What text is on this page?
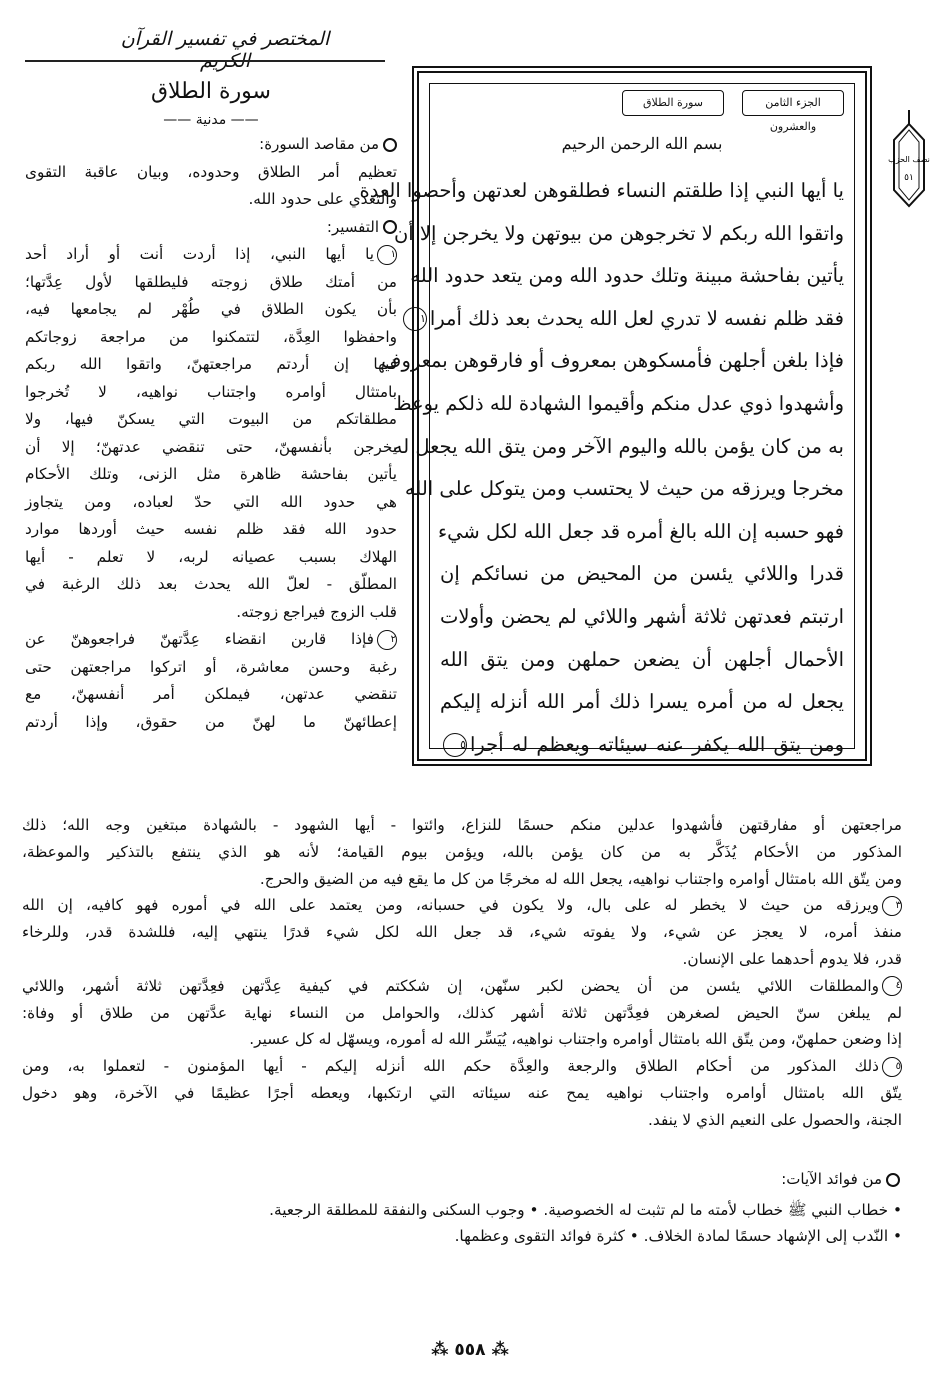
المختصر في تفسير القرآن الكريم
الجزء الثامن والعشرون
سورة الطلاق
بسم الله الرحمن الرحيم
يا أيها النبي إذا طلقتم النساء فطلقوهن لعدتهن وأحصوا العدة
واتقوا الله ربكم لا تخرجوهن من بيوتهن ولا يخرجن إلا أن
يأتين بفاحشة مبينة وتلك حدود الله ومن يتعد حدود الله
فقد ظلم نفسه لا تدري لعل الله يحدث بعد ذلك أمرا١
فإذا بلغن أجلهن فأمسكوهن بمعروف أو فارقوهن بمعروف
وأشهدوا ذوي عدل منكم وأقيموا الشهادة لله ذلكم يوعظ
به من كان يؤمن بالله واليوم الآخر ومن يتق الله يجعل له
مخرجا ويرزقه من حيث لا يحتسب ومن يتوكل على الله
فهو حسبه إن الله بالغ أمره قد جعل الله لكل شيء
قدرا واللائي يئسن من المحيض من نسائكم إن
ارتبتم فعدتهن ثلاثة أشهر واللائي لم يحضن وأولات
الأحمال أجلهن أن يضعن حملهن ومن يتق الله
يجعل له من أمره يسرا ذلك أمر الله أنزله إليكم
ومن يتق الله يكفر عنه سيئاته ويعظم له أجرا٥
نصف الحزب
٥١
سورة الطلاق
—— مدنية ——
من مقاصد السورة:
تعظيم أمر الطلاق وحدوده، وبيان عاقبة التقوى
والتعدي على حدود الله.
التفسير:
١يا أيها النبي، إذا أردت أنت أو أراد أحد
من أمتك طلاق زوجته فليطلقها لأول عِدَّتها؛
بأن يكون الطلاق في طُهْر لم يجامعها فيه،
واحفظوا العِدَّة، لتتمكنوا من مراجعة زوجاتكم
فيها إن أردتم مراجعتهنّ، واتقوا الله ربكم
بامتثال أوامره واجتناب نواهيه، لا تُخرجوا
مطلقاتكم من البيوت التي يسكنّ فيها، ولا
يخرجن بأنفسهنّ، حتى تنقضي عدتهنّ؛ إلا أن
يأتين بفاحشة ظاهرة مثل الزنى، وتلك الأحكام
هي حدود الله التي حدّ لعباده، ومن يتجاوز
حدود الله فقد ظلم نفسه حيث أوردها موارد
الهلاك بسبب عصيانه لربه، لا تعلم - أيها
المطلّق - لعلّ الله يحدث بعد ذلك الرغبة في
قلب الزوج فيراجع زوجته.
٢فإذا قاربن انقضاء عِدَّتهنّ فراجعوهنّ عن
رغبة وحسن معاشرة، أو اتركوا مراجعتهن حتى
تنقضي عدتهن، فيملكن أمر أنفسهنّ، مع
إعطائهنّ ما لهنّ من حقوق، وإذا أردتم
مراجعتهن أو مفارقتهن فأشهدوا عدلين منكم حسمًا للنزاع، وائتوا - أيها الشهود - بالشهادة مبتغين وجه الله؛ ذلك
المذكور من الأحكام يُذَكَّر به من كان يؤمن بالله، ويؤمن بيوم القيامة؛ لأنه هو الذي ينتفع بالتذكير والموعظة،
ومن يتّق الله بامتثال أوامره واجتناب نواهيه، يجعل الله له مخرجًا من كل ما يقع فيه من الضيق والحرج.
٣ويرزقه من حيث لا يخطر له على بال، ولا يكون في حسبانه، ومن يعتمد على الله في أموره فهو كافيه، إن الله
منفذ أمره، لا يعجز عن شيء، ولا يفوته شيء، قد جعل الله لكل شيء قدرًا ينتهي إليه، فللشدة قدر، وللرخاء
قدر، فلا يدوم أحدهما على الإنسان.
٤والمطلقات اللائي يئسن من أن يحضن لكبر سنّهن، إن شككتم في كيفية عِدَّتهن فعِدَّتهن ثلاثة أشهر، واللائي
لم يبلغن سنّ الحيض لصغرهن فعِدَّتهن ثلاثة أشهر كذلك، والحوامل من النساء نهاية عدَّتهن من طلاق أو وفاة:
إذا وضعن حملهنّ، ومن يتّق الله بامتثال أوامره واجتناب نواهيه، يُيَسِّر الله له أموره، ويسهّل له كل عسير.
٥ذلك المذكور من أحكام الطلاق والرجعة والعِدَّة حكم الله أنزله إليكم - أيها المؤمنون - لتعملوا به، ومن
يتّق الله بامتثال أوامره واجتناب نواهيه يمح عنه سيئاته التي ارتكبها، ويعطه أجرًا عظيمًا في الآخرة، وهو دخول
الجنة، والحصول على النعيم الذي لا ينفد.
من فوائد الآيات:
• خطاب النبي ﷺ خطاب لأمته ما لم تثبت له الخصوصية. • وجوب السكنى والنفقة للمطلقة الرجعية.
• النّدب إلى الإشهاد حسمًا لمادة الخلاف. • كثرة فوائد التقوى وعظمها.
⁂ ٥٥٨ ⁂
